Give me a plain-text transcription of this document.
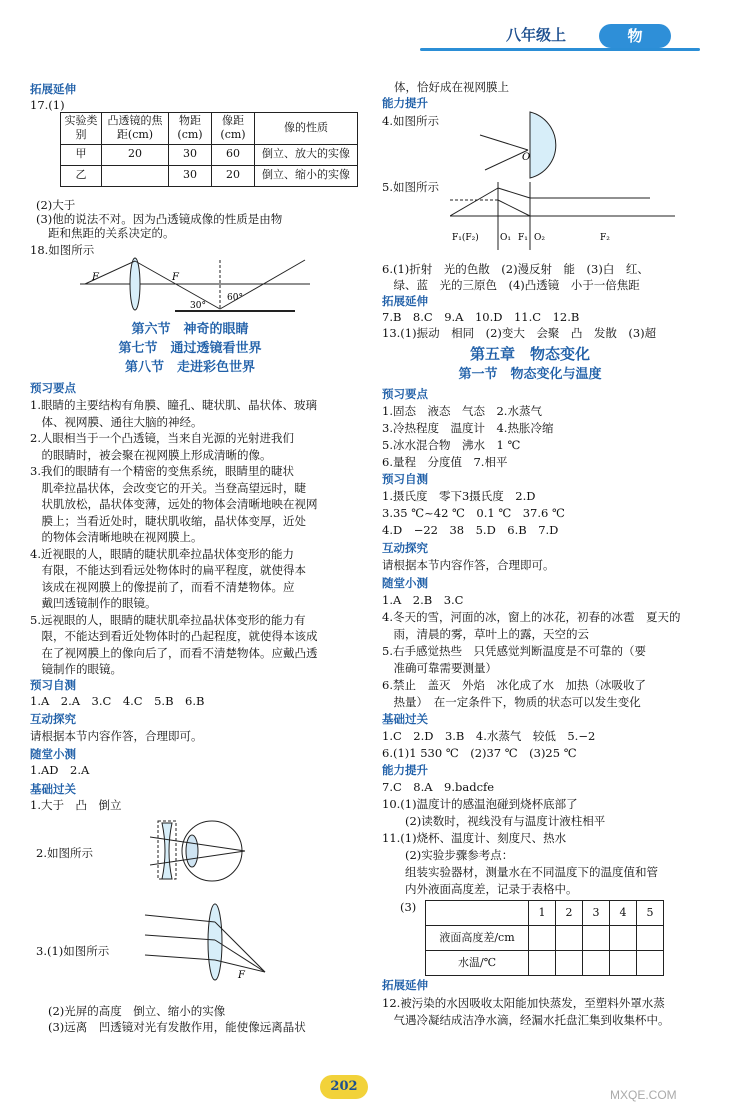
八年级上	物 理
拓展延伸
17.(1)
实验类别	凸透镜的焦距(cm)	物距(cm)	像距(cm)	像的性质
甲	20	30	60	倒立、放大的实像
乙		30	20	倒立、缩小的实像
(2)大于
(3)他的说法不对。因为凸透镜成像的性质是由物
距和焦距的关系决定的。
18.如图所示
F	F
30°
60°
第六节　神奇的眼睛
第七节　通过透镜看世界
第八节　走进彩色世界
预习要点
1.眼睛的主要结构有角膜、瞳孔、睫状肌、晶状体、玻璃
　体、视网膜、通往大脑的神经。
2.人眼相当于一个凸透镜，当来自光源的光射进我们
　的眼睛时，被会聚在视网膜上形成清晰的像。
3.我们的眼睛有一个精密的变焦系统，眼睛里的睫状
　肌牵拉晶状体，会改变它的开关。当登高望远时，睫
　状肌放松，晶状体变薄，远处的物体会清晰地映在视网
　膜上；当看近处时，睫状肌收缩，晶状体变厚，近处
　的物体会清晰地映在视网膜上。
4.近视眼的人，眼睛的睫状肌牵拉晶状体变形的能力
　有限，不能达到看远处物体时的扁平程度，就使得本
　该成在视网膜上的像提前了，而看不清楚物体。应
　戴凹透镜制作的眼镜。
5.远视眼的人，眼睛的睫状肌牵拉晶状体变形的能力有
　限，不能达到看近处物体时的凸起程度，就使得本该成
　在了视网膜上的像向后了，而看不清楚物体。应戴凸透
　镜制作的眼镜。
预习自测
1.A　2.A　3.C　4.C　5.B　6.B
互动探究
请根据本节内容作答，合理即可。
随堂小测
1.AD　2.A
基础过关
1.大于　凸　倒立
2.如图所示
F
3.(1)如图所示
(2)光屏的高度　倒立、缩小的实像
(3)远离　凹透镜对光有发散作用，能使像远离晶状
体，恰好成在视网膜上
能力提升
4.如图所示
O
5.如图所示
F₁(F₂) O₁ F₁ O₂	F₂
6.(1)折射　光的色散　(2)漫反射　能　(3)白　红、
　绿、蓝　光的三原色　(4)凸透镜　小于一倍焦距
拓展延伸
7.B　8.C　9.A　10.D　11.C　12.B
13.(1)振动　相同　(2)变大　会聚　凸　发散　(3)超
第五章　物态变化
第一节　物态变化与温度
预习要点
1.固态　液态　气态　2.水蒸气
3.冷热程度　温度计　4.热胀冷缩
5.冰水混合物　沸水　1 ℃
6.量程　分度值　7.相平
预习自测
1.摄氏度　零下3摄氏度　2.D
3.35 ℃~42 ℃　0.1 ℃　37.6 ℃
4.D　−22　38　5.D　6.B　7.D
互动探究
请根据本节内容作答，合理即可。
随堂小测
1.A　2.B　3.C
4.冬天的雪，河面的冰，窗上的冰花，初春的冰雹　夏天的
　雨，清晨的雾，草叶上的露，天空的云
5.右手感觉热些　只凭感觉判断温度是不可靠的（要
　准确可靠需要测量）
6.禁止　盖灭　外焰　冰化成了水　加热（冰吸收了
　热量）　在一定条件下，物质的状态可以发生变化
基础过关
1.C　2.D　3.B　4.水蒸气　较低　5.−2
6.(1)1 530 ℃　(2)37 ℃　(3)25 ℃
能力提升
7.C　8.A　9.badcfe
10.(1)温度计的感温泡碰到烧杯底部了
　　(2)读数时，视线没有与温度计液柱相平
11.(1)烧杯、温度计、刻度尺、热水
　　(2)实验步骤参考点：
　　组装实验器材，测量水在不同温度下的温度值和管
　　内外液面高度差，记录于表格中。
(3)
		1	2	3	4	5
液面高度差/cm					
水温/℃					
拓展延伸
12.被污染的水因吸收太阳能加快蒸发，至塑料外罩水蒸
　气遇冷凝结成洁净水滴，经漏水托盘汇集到收集杯中。
202
MXQE.COM
